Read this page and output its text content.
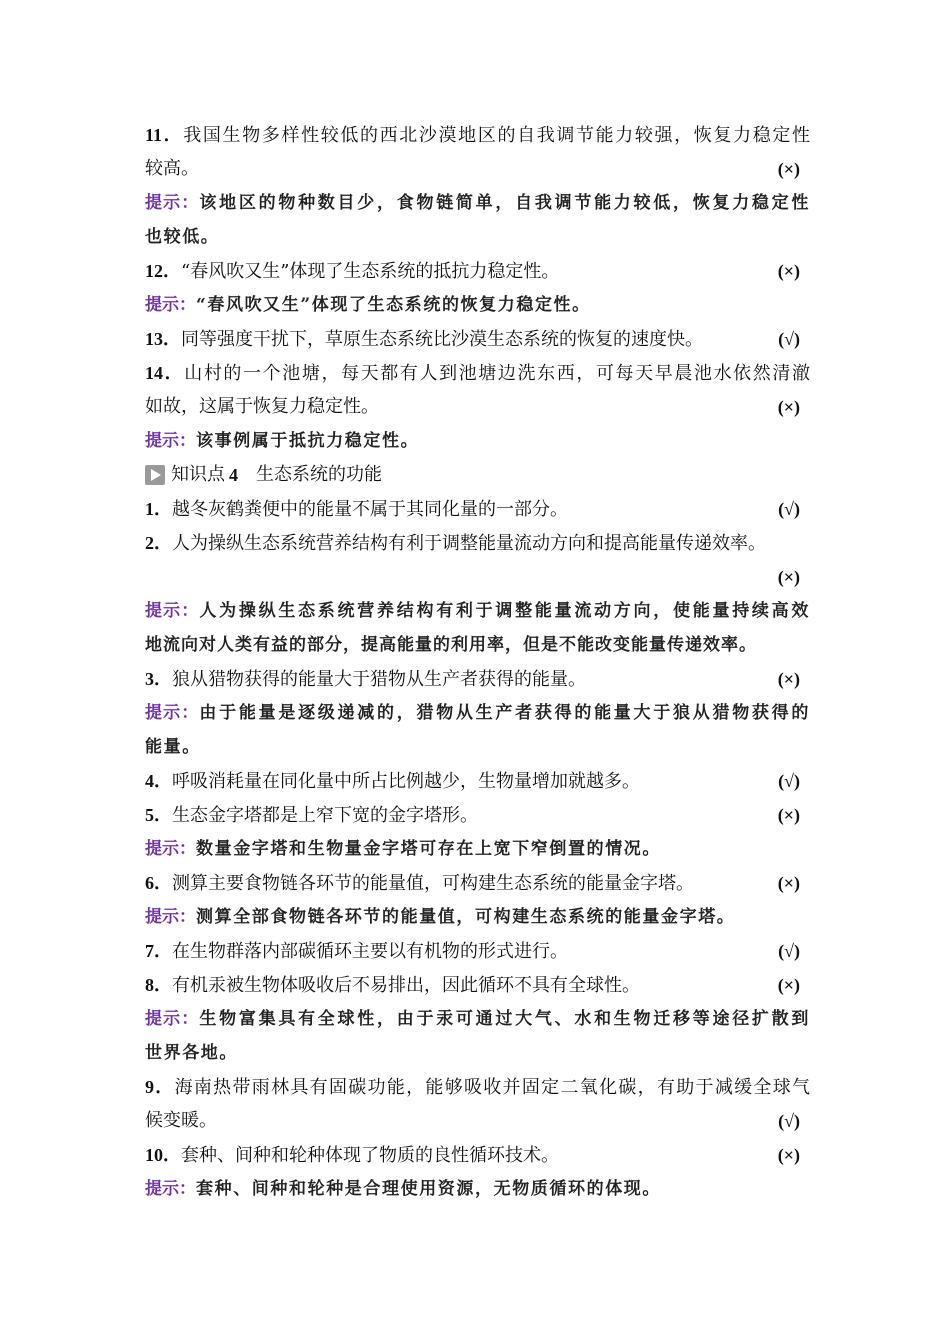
11．我国生物多样性较低的西北沙漠地区的自我调节能力较强，恢复力稳定性
较高。	(×)
提示：该地区的物种数目少，食物链简单，自我调节能力较低，恢复力稳定性
也较低。
12．“春风吹又生”体现了生态系统的抵抗力稳定性。	(×)
提示：“春风吹又生”体现了生态系统的恢复力稳定性。
13．同等强度干扰下，草原生态系统比沙漠生态系统的恢复的速度快。	(√)
14．山村的一个池塘，每天都有人到池塘边洗东西，可每天早晨池水依然清澈
如故，这属于恢复力稳定性。	(×)
提示：该事例属于抵抗力稳定性。
知识点 4 生态系统的功能
1．越冬灰鹤粪便中的能量不属于其同化量的一部分。	(√)
2．人为操纵生态系统营养结构有利于调整能量流动方向和提高能量传递效率。
(×)
提示：人为操纵生态系统营养结构有利于调整能量流动方向，使能量持续高效
地流向对人类有益的部分，提高能量的利用率，但是不能改变能量传递效率。
3．狼从猎物获得的能量大于猎物从生产者获得的能量。	(×)
提示：由于能量是逐级递减的，猎物从生产者获得的能量大于狼从猎物获得的
能量。
4．呼吸消耗量在同化量中所占比例越少，生物量增加就越多。	(√)
5．生态金字塔都是上窄下宽的金字塔形。	(×)
提示：数量金字塔和生物量金字塔可存在上宽下窄倒置的情况。
6．测算主要食物链各环节的能量值，可构建生态系统的能量金字塔。	(×)
提示：测算全部食物链各环节的能量值，可构建生态系统的能量金字塔。
7．在生物群落内部碳循环主要以有机物的形式进行。	(√)
8．有机汞被生物体吸收后不易排出，因此循环不具有全球性。	(×)
提示：生物富集具有全球性，由于汞可通过大气、水和生物迁移等途径扩散到
世界各地。
9．海南热带雨林具有固碳功能，能够吸收并固定二氧化碳，有助于减缓全球气
候变暖。	(√)
10．套种、间种和轮种体现了物质的良性循环技术。	(×)
提示：套种、间种和轮种是合理使用资源，无物质循环的体现。
